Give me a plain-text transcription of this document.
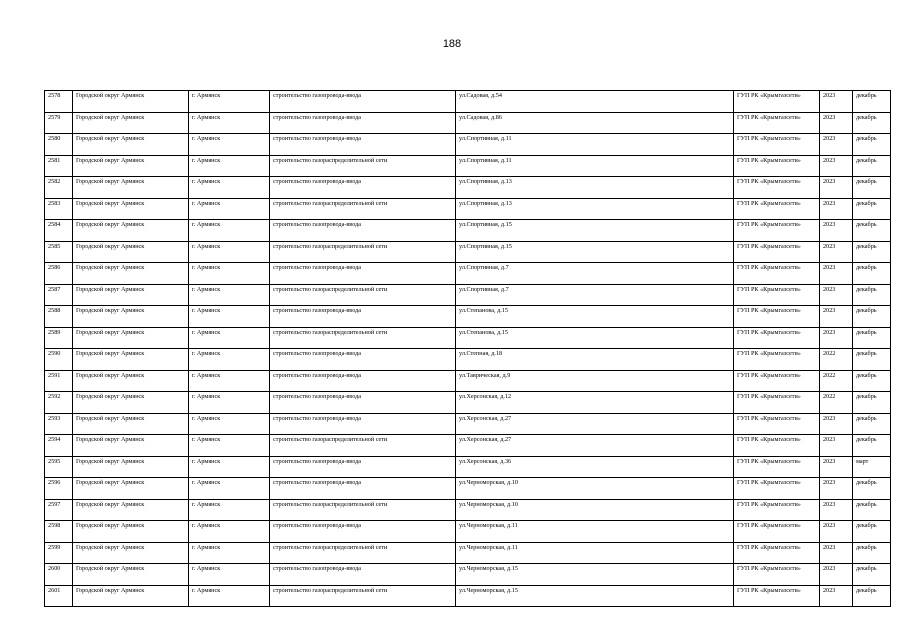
188
2578	Городской округ Армянск	г. Армянск	строительство газопровода-ввода	ул.Садовая, д.54	ГУП РК «Крымгазсети»	2023	декабрь
2579	Городской округ Армянск	г. Армянск	строительство газопровода-ввода	ул.Садовая, д.86	ГУП РК «Крымгазсети»	2023	декабрь
2580	Городской округ Армянск	г. Армянск	строительство газопровода-ввода	ул.Спортивная, д.11	ГУП РК «Крымгазсети»	2023	декабрь
2581	Городской округ Армянск	г. Армянск	строительство газораспределительной сети	ул.Спортивная, д.11	ГУП РК «Крымгазсети»	2023	декабрь
2582	Городской округ Армянск	г. Армянск	строительство газопровода-ввода	ул.Спортивная, д.13	ГУП РК «Крымгазсети»	2023	декабрь
2583	Городской округ Армянск	г. Армянск	строительство газораспределительной сети	ул.Спортивная, д.13	ГУП РК «Крымгазсети»	2023	декабрь
2584	Городской округ Армянск	г. Армянск	строительство газопровода-ввода	ул.Спортивная, д.15	ГУП РК «Крымгазсети»	2023	декабрь
2585	Городской округ Армянск	г. Армянск	строительство газораспределительной сети	ул.Спортивная, д.15	ГУП РК «Крымгазсети»	2023	декабрь
2586	Городской округ Армянск	г. Армянск	строительство газопровода-ввода	ул.Спортивная, д.7	ГУП РК «Крымгазсети»	2023	декабрь
2587	Городской округ Армянск	г. Армянск	строительство газораспределительной сети	ул.Спортивная, д.7	ГУП РК «Крымгазсети»	2023	декабрь
2588	Городской округ Армянск	г. Армянск	строительство газопровода-ввода	ул.Степанова, д.15	ГУП РК «Крымгазсети»	2023	декабрь
2589	Городской округ Армянск	г. Армянск	строительство газораспределительной сети	ул.Степанова, д.15	ГУП РК «Крымгазсети»	2023	декабрь
2590	Городской округ Армянск	г. Армянск	строительство газопровода-ввода	ул.Степная, д.18	ГУП РК «Крымгазсети»	2022	декабрь
2591	Городской округ Армянск	г. Армянск	строительство газопровода-ввода	ул.Таврическая, д.9	ГУП РК «Крымгазсети»	2022	декабрь
2592	Городской округ Армянск	г. Армянск	строительство газопровода-ввода	ул.Херсонская, д.12	ГУП РК «Крымгазсети»	2022	декабрь
2593	Городской округ Армянск	г. Армянск	строительство газопровода-ввода	ул.Херсонская, д.27	ГУП РК «Крымгазсети»	2023	декабрь
2594	Городской округ Армянск	г. Армянск	строительство газораспределительной сети	ул.Херсонская, д.27	ГУП РК «Крымгазсети»	2023	декабрь
2595	Городской округ Армянск	г. Армянск	строительство газопровода-ввода	ул.Херсонская, д.36	ГУП РК «Крымгазсети»	2023	март
2596	Городской округ Армянск	г. Армянск	строительство газопровода-ввода	ул.Черноморская, д.10	ГУП РК «Крымгазсети»	2023	декабрь
2597	Городской округ Армянск	г. Армянск	строительство газораспределительной сети	ул.Черноморская, д.10	ГУП РК «Крымгазсети»	2023	декабрь
2598	Городской округ Армянск	г. Армянск	строительство газопровода-ввода	ул.Черноморская, д.11	ГУП РК «Крымгазсети»	2023	декабрь
2599	Городской округ Армянск	г. Армянск	строительство газораспределительной сети	ул.Черноморская, д.11	ГУП РК «Крымгазсети»	2023	декабрь
2600	Городской округ Армянск	г. Армянск	строительство газопровода-ввода	ул.Черноморская, д.15	ГУП РК «Крымгазсети»	2023	декабрь
2601	Городской округ Армянск	г. Армянск	строительство газораспределительной сети	ул.Черноморская, д.15	ГУП РК «Крымгазсети»	2023	декабрь
